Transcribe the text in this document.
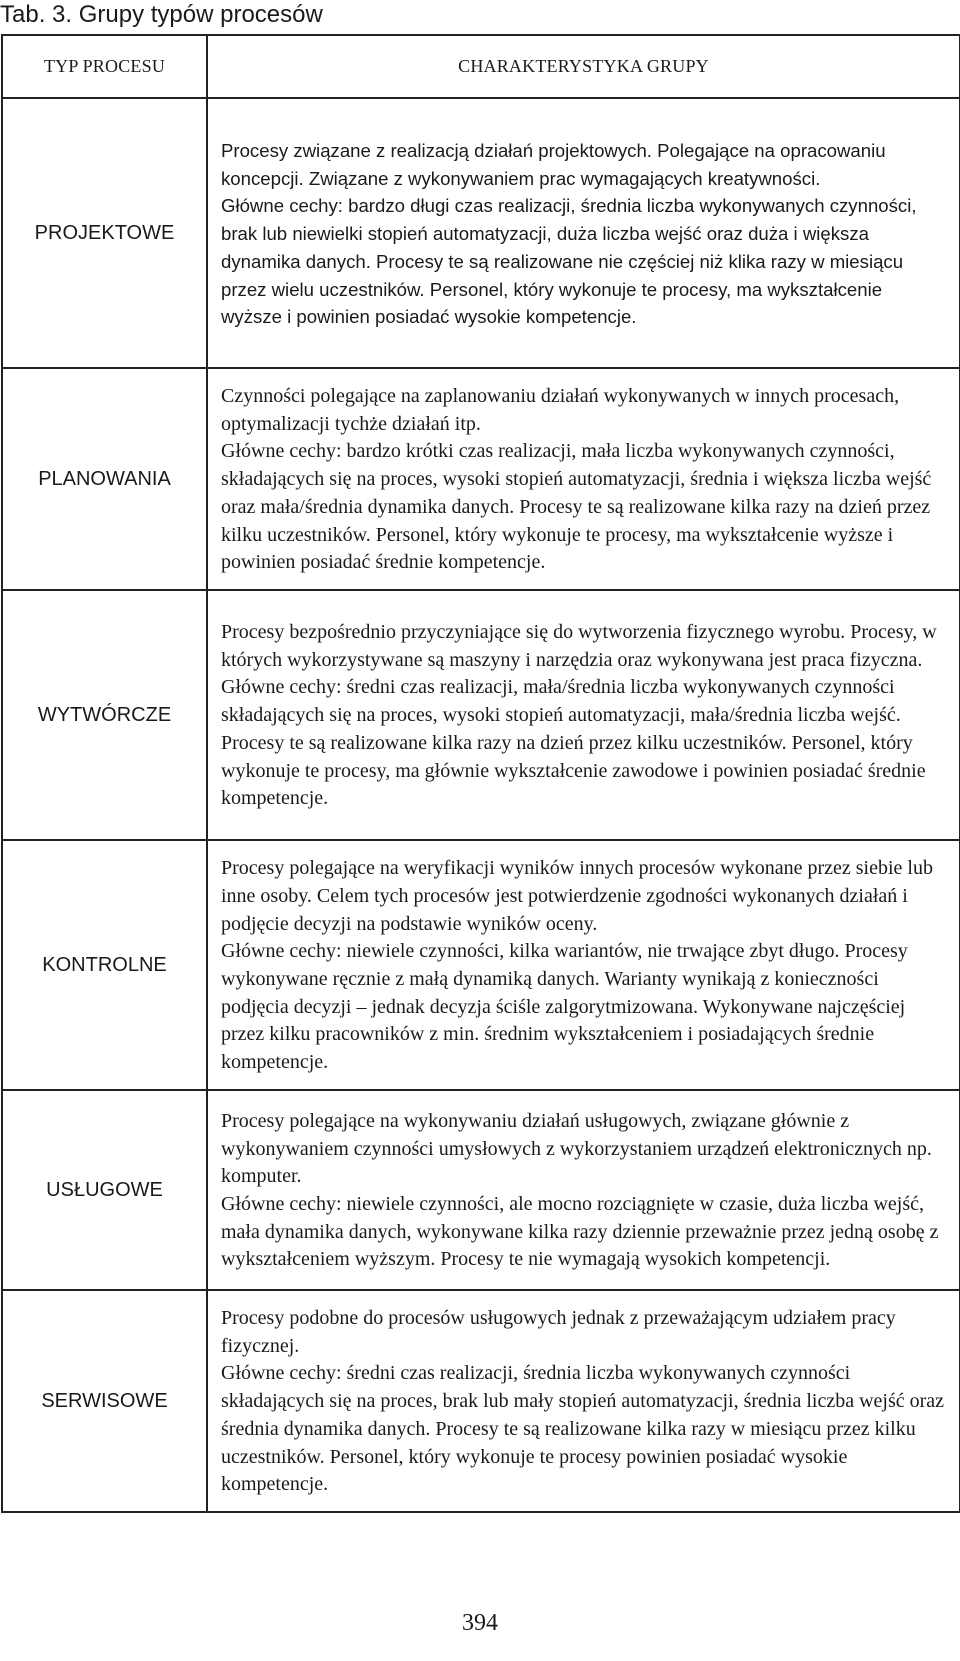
Tab. 3. Grupy typów procesów
TYP PROCESU	CHARAKTERYSTYKA GRUPY
PROJEKTOWE	Procesy związane z realizacją działań projektowych. Polegające na opracowaniu koncepcji. Związane z wykonywaniem prac wymagających kreatywności.

Główne cechy: bardzo długi czas realizacji, średnia liczba wykonywanych czynności, brak lub niewielki stopień automatyzacji, duża liczba wejść oraz duża i większa dynamika danych. Procesy te są realizowane nie częściej niż klika razy w miesiącu przez wielu uczestników. Personel, który wykonuje te procesy, ma wykształcenie wyższe i powinien posiadać wysokie kompetencje.

PLANOWANIA	Czynności polegające na zaplanowaniu działań wykonywanych w innych procesach, optymalizacji tychże działań itp.

Główne cechy: bardzo krótki czas realizacji, mała liczba wykonywanych czynności, składających się na proces, wysoki stopień automatyzacji, średnia i większa liczba wejść oraz mała/średnia dynamika danych. Procesy te są realizowane kilka razy na dzień przez kilku uczestników. Personel, który wykonuje te procesy, ma wykształcenie wyższe i powinien posiadać średnie kompetencje.

WYTWÓRCZE	Procesy bezpośrednio przyczyniające się do wytworzenia fizycznego wyrobu. Procesy, w których wykorzystywane są maszyny i narzędzia oraz wykonywana jest praca fizyczna.

Główne cechy: średni czas realizacji, mała/średnia liczba wykonywanych czynności składających się na proces, wysoki stopień automatyzacji, mała/średnia liczba wejść. Procesy te są realizowane kilka razy na dzień przez kilku uczestników. Personel, który wykonuje te procesy, ma głównie wykształcenie zawodowe i powinien posiadać średnie kompetencje.

KONTROLNE	Procesy polegające na weryfikacji wyników innych procesów wykonane przez siebie lub inne osoby. Celem tych procesów jest potwierdzenie zgodności wykonanych działań i podjęcie decyzji na podstawie wyników oceny.

Główne cechy: niewiele czynności, kilka wariantów, nie trwające zbyt długo. Procesy wykonywane ręcznie z małą dynamiką danych. Warianty wynikają z konieczności podjęcia decyzji – jednak decyzja ściśle zalgorytmizowana. Wykonywane najczęściej przez kilku pracowników z min. średnim wykształceniem i posiadających średnie kompetencje.

USŁUGOWE	Procesy polegające na wykonywaniu działań usługowych, związane głównie z wykonywaniem czynności umysłowych z wykorzystaniem urządzeń elektronicznych np. komputer.

Główne cechy: niewiele czynności, ale mocno rozciągnięte w czasie, duża liczba wejść, mała dynamika danych, wykonywane kilka razy dziennie przeważnie przez jedną osobę z wykształceniem wyższym. Procesy te nie wymagają wysokich kompetencji.

SERWISOWE	Procesy podobne do procesów usługowych jednak z przeważającym udziałem pracy fizycznej.

Główne cechy: średni czas realizacji, średnia liczba wykonywanych czynności składających się na proces, brak lub mały stopień automatyzacji, średnia liczba wejść oraz średnia dynamika danych. Procesy te są realizowane kilka razy w miesiącu przez kilku uczestników. Personel, który wykonuje te procesy powinien posiadać wysokie kompetencje.

394
